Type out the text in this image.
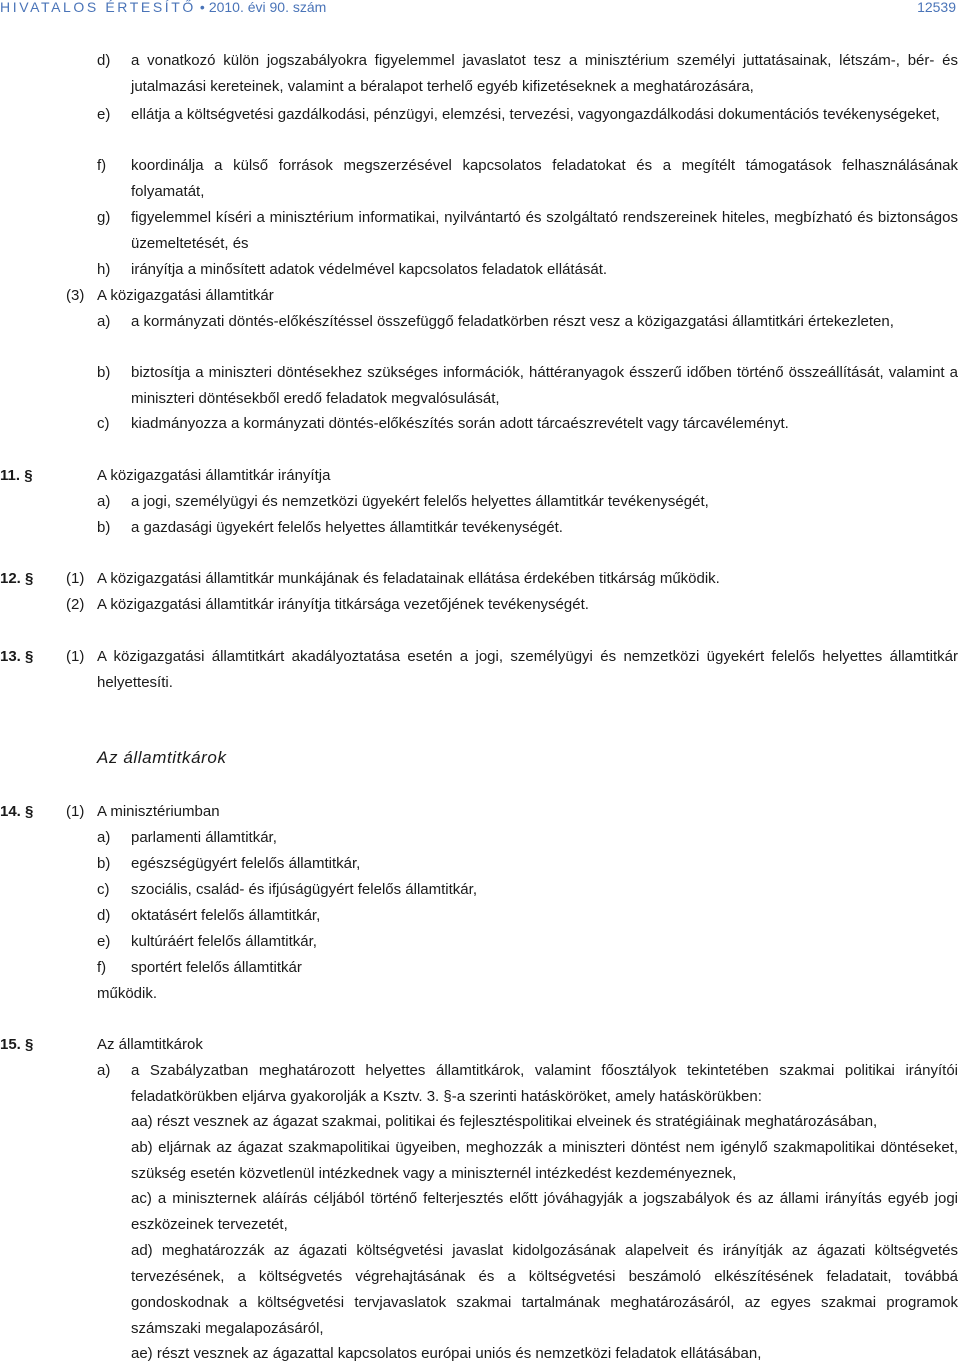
HIVATALOS ÉRTESÍTŐ • 2010. évi 90. szám	12539
d) a vonatkozó külön jogszabályokra figyelemmel javaslatot tesz a minisztérium személyi juttatásainak, létszám-, bér- és jutalmazási kereteinek, valamint a béralapot terhelő egyéb kifizetéseknek a meghatározására,
e) ellátja a költségvetési gazdálkodási, pénzügyi, elemzési, tervezési, vagyongazdálkodási dokumentációs tevékenységeket,
f) koordinálja a külső források megszerzésével kapcsolatos feladatokat és a megítélt támogatások felhasználásának folyamatát,
g) figyelemmel kíséri a minisztérium informatikai, nyilvántartó és szolgáltató rendszereinek hiteles, megbízható és biztonságos üzemeltetését, és
h) irányítja a minősített adatok védelmével kapcsolatos feladatok ellátását.
(3) A közigazgatási államtitkár
a) a kormányzati döntés-előkészítéssel összefüggő feladatkörben részt vesz a közigazgatási államtitkári értekezleten,
b) biztosítja a miniszteri döntésekhez szükséges információk, háttéranyagok ésszerű időben történő összeállítását, valamint a miniszteri döntésekből eredő feladatok megvalósulását,
c) kiadmányozza a kormányzati döntés-előkészítés során adott tárcaészrevételt vagy tárcavéleményt.
11. §	A közigazgatási államtitkár irányítja
a) a jogi, személyügyi és nemzetközi ügyekért felelős helyettes államtitkár tevékenységét,
b) a gazdasági ügyekért felelős helyettes államtitkár tevékenységét.
12. § (1) A közigazgatási államtitkár munkájának és feladatainak ellátása érdekében titkárság működik.
(2) A közigazgatási államtitkár irányítja titkársága vezetőjének tevékenységét.
13. § (1) A közigazgatási államtitkárt akadályoztatása esetén a jogi, személyügyi és nemzetközi ügyekért felelős helyettes államtitkár helyettesíti.
Az államtitkárok
14. § (1) A minisztériumban
a) parlamenti államtitkár,
b) egészségügyért felelős államtitkár,
c) szociális, család- és ifjúságügyért felelős államtitkár,
d) oktatásért felelős államtitkár,
e) kultúráért felelős államtitkár,
f) sportért felelős államtitkár
működik.
15. §	Az államtitkárok
a) a Szabályzatban meghatározott helyettes államtitkárok, valamint főosztályok tekintetében szakmai politikai irányítói feladatkörükben eljárva gyakorolják a Ksztv. 3. §-a szerinti hatásköröket, amely hatáskörükben:
aa) részt vesznek az ágazat szakmai, politikai és fejlesztéspolitikai elveinek és stratégiáinak meghatározásában,
ab) eljárnak az ágazat szakmapolitikai ügyeiben, meghozzák a miniszteri döntést nem igénylő szakmapolitikai döntéseket, szükség esetén közvetlenül intézkednek vagy a miniszternél intézkedést kezdeményeznek,
ac) a miniszternek aláírás céljából történő felterjesztés előtt jóváhagyják a jogszabályok és az állami irányítás egyéb jogi eszközeinek tervezetét,
ad) meghatározzák az ágazati költségvetési javaslat kidolgozásának alapelveit és irányítják az ágazati költségvetés tervezésének, a költségvetés végrehajtásának és a költségvetési beszámoló elkészítésének feladatait, továbbá gondoskodnak a költségvetési tervjavaslatok szakmai tartalmának meghatározásáról, az egyes szakmai programok számszaki megalapozásáról,
ae) részt vesznek az ágazattal kapcsolatos európai uniós és nemzetközi feladatok ellátásában,
